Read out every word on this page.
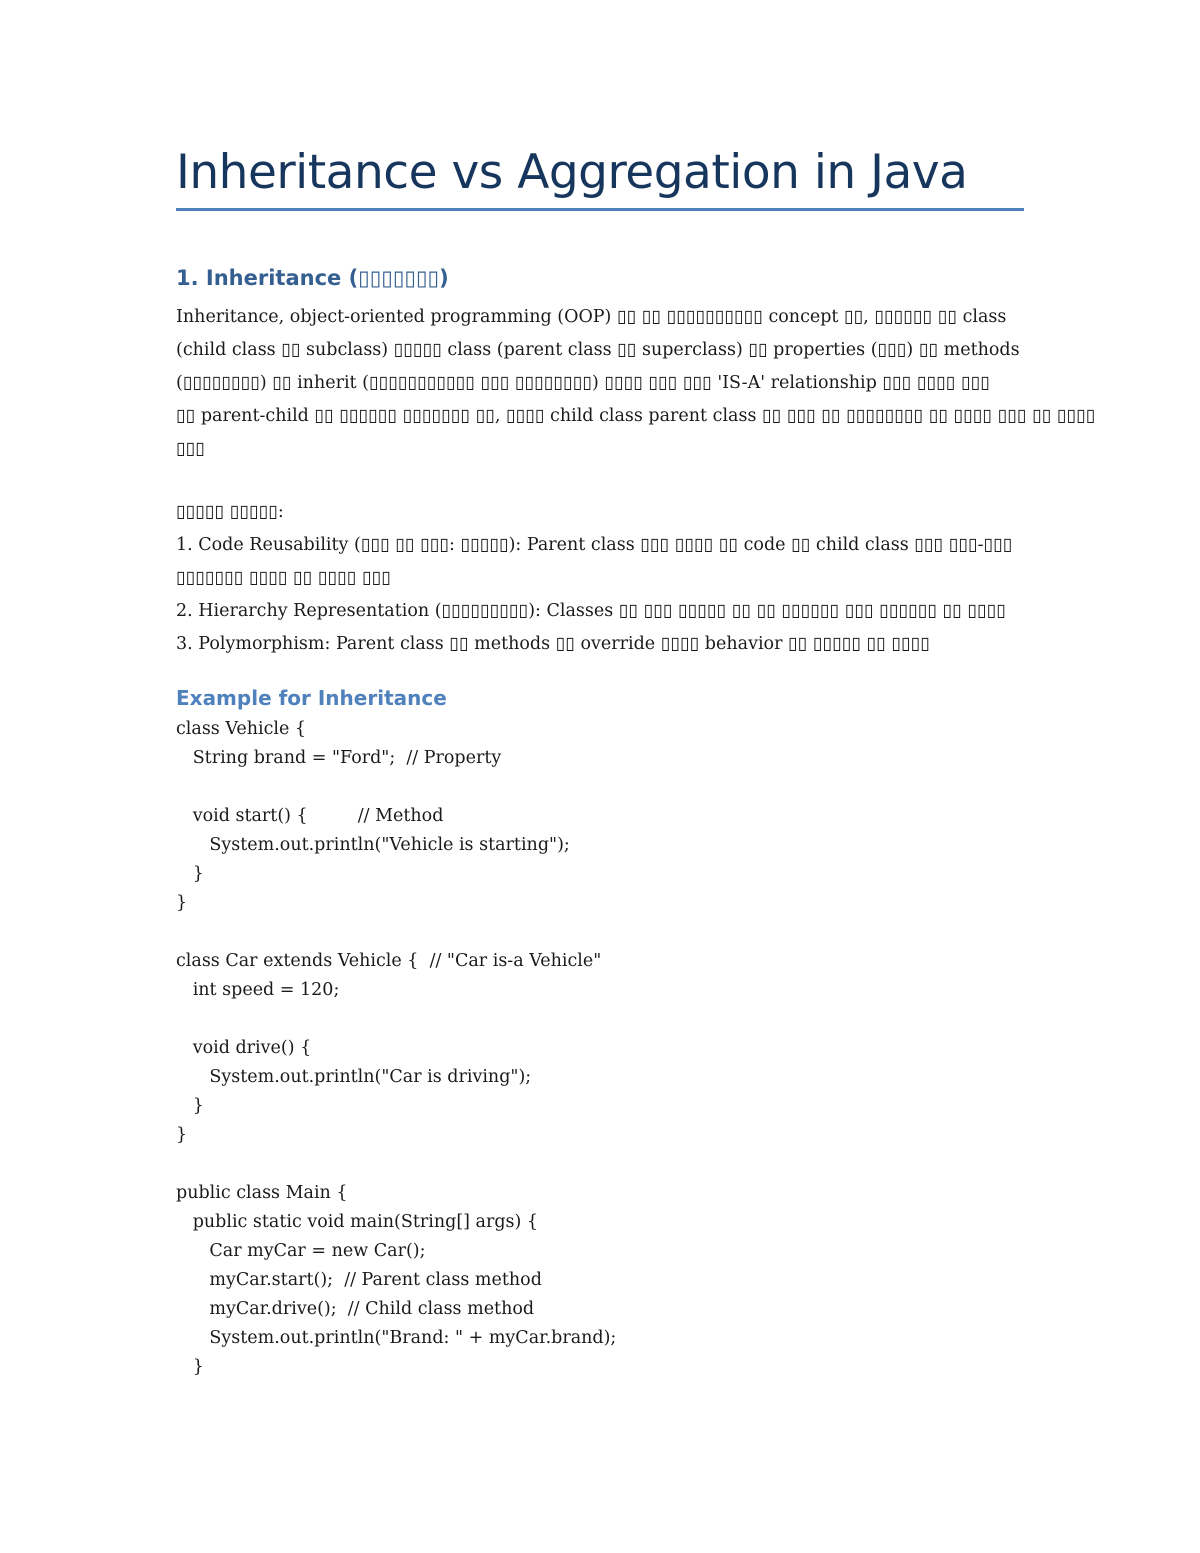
Inheritance vs Aggregation in Java
1. Inheritance (▯▯▯▯▯▯▯)
Inheritance, object-oriented programming (OOP) ▯▯ ▯▯ ▯▯▯▯▯▯▯▯▯▯ concept ▯▯, ▯▯▯▯▯▯ ▯▯ class
(child class ▯▯ subclass) ▯▯▯▯▯ class (parent class ▯▯ superclass) ▯▯ properties (▯▯▯) ▯▯ methods
(▯▯▯▯▯▯▯▯) ▯▯ inherit (▯▯▯▯▯▯▯▯▯▯▯ ▯▯▯ ▯▯▯▯▯▯▯▯) ▯▯▯▯ ▯▯▯ ▯▯▯ 'IS-A' relationship ▯▯▯ ▯▯▯▯ ▯▯▯
▯▯ parent-child ▯▯ ▯▯▯▯▯▯ ▯▯▯▯▯▯▯ ▯▯, ▯▯▯▯ child class parent class ▯▯ ▯▯▯ ▯▯ ▯▯▯▯▯▯▯▯ ▯▯ ▯▯▯▯ ▯▯▯ ▯▯ ▯▯▯▯
▯▯▯
▯▯▯▯▯ ▯▯▯▯▯:
1. Code Reusability (▯▯▯ ▯▯ ▯▯▯: ▯▯▯▯▯): Parent class ▯▯▯ ▯▯▯▯ ▯▯ code ▯▯ child class ▯▯▯ ▯▯▯-▯▯▯
▯▯▯▯▯▯▯ ▯▯▯▯ ▯▯ ▯▯▯▯ ▯▯▯
2. Hierarchy Representation (▯▯▯▯▯▯▯▯▯): Classes ▯▯ ▯▯▯ ▯▯▯▯▯ ▯▯ ▯▯ ▯▯▯▯▯▯ ▯▯▯ ▯▯▯▯▯▯ ▯▯ ▯▯▯▯
3. Polymorphism: Parent class ▯▯ methods ▯▯ override ▯▯▯▯ behavior ▯▯ ▯▯▯▯▯ ▯▯ ▯▯▯▯
Example for Inheritance
class Vehicle {
String brand = "Ford";  // Property
void start() {         // Method
System.out.println("Vehicle is starting");
}
}
class Car extends Vehicle {  // "Car is-a Vehicle"
int speed = 120;
void drive() {
System.out.println("Car is driving");
}
}
public class Main {
public static void main(String[] args) {
Car myCar = new Car();
myCar.start();  // Parent class method
myCar.drive();  // Child class method
System.out.println("Brand: " + myCar.brand);
}
